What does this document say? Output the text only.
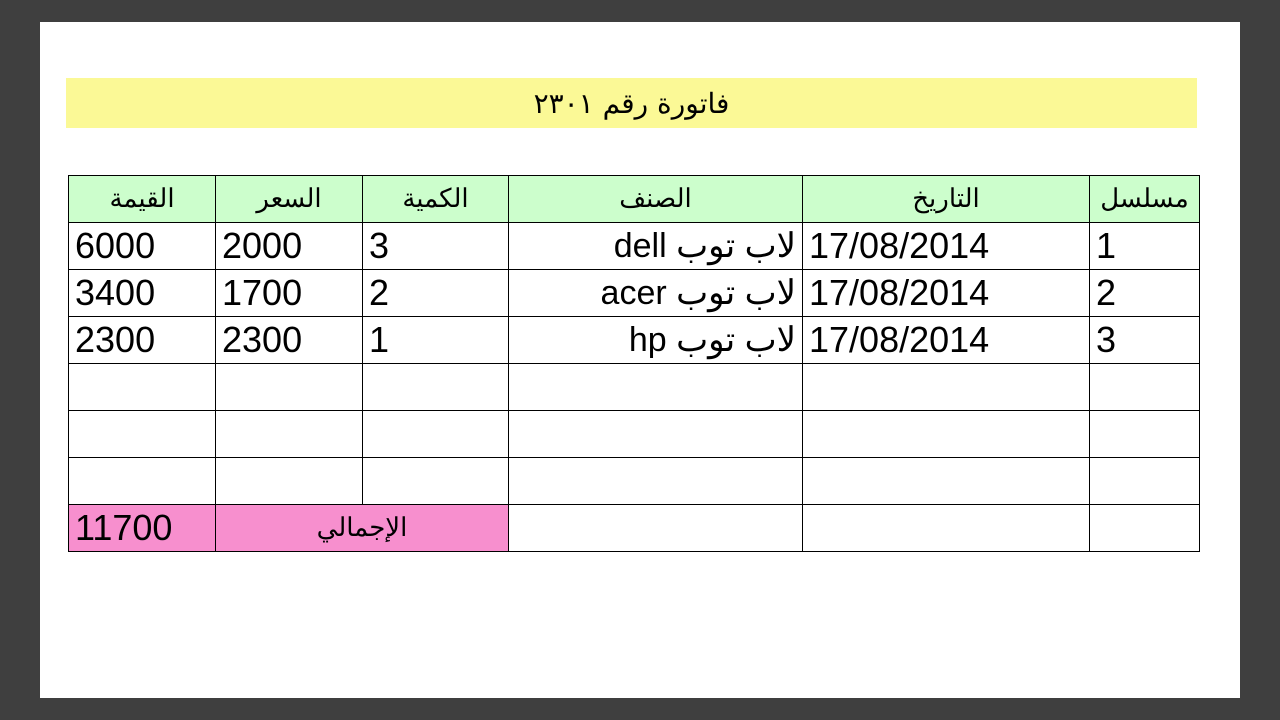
فاتورة رقم ٢٣٠١
مسلسل	التاريخ	الصنف	الكمية	السعر	القيمة
1	17/08/2014	لاب توب dell	3	2000	6000
2	17/08/2014	لاب توب acer	2	1700	3400
3	17/08/2014	لاب توب hp	1	2300	2300

			الإجمالي		11700
